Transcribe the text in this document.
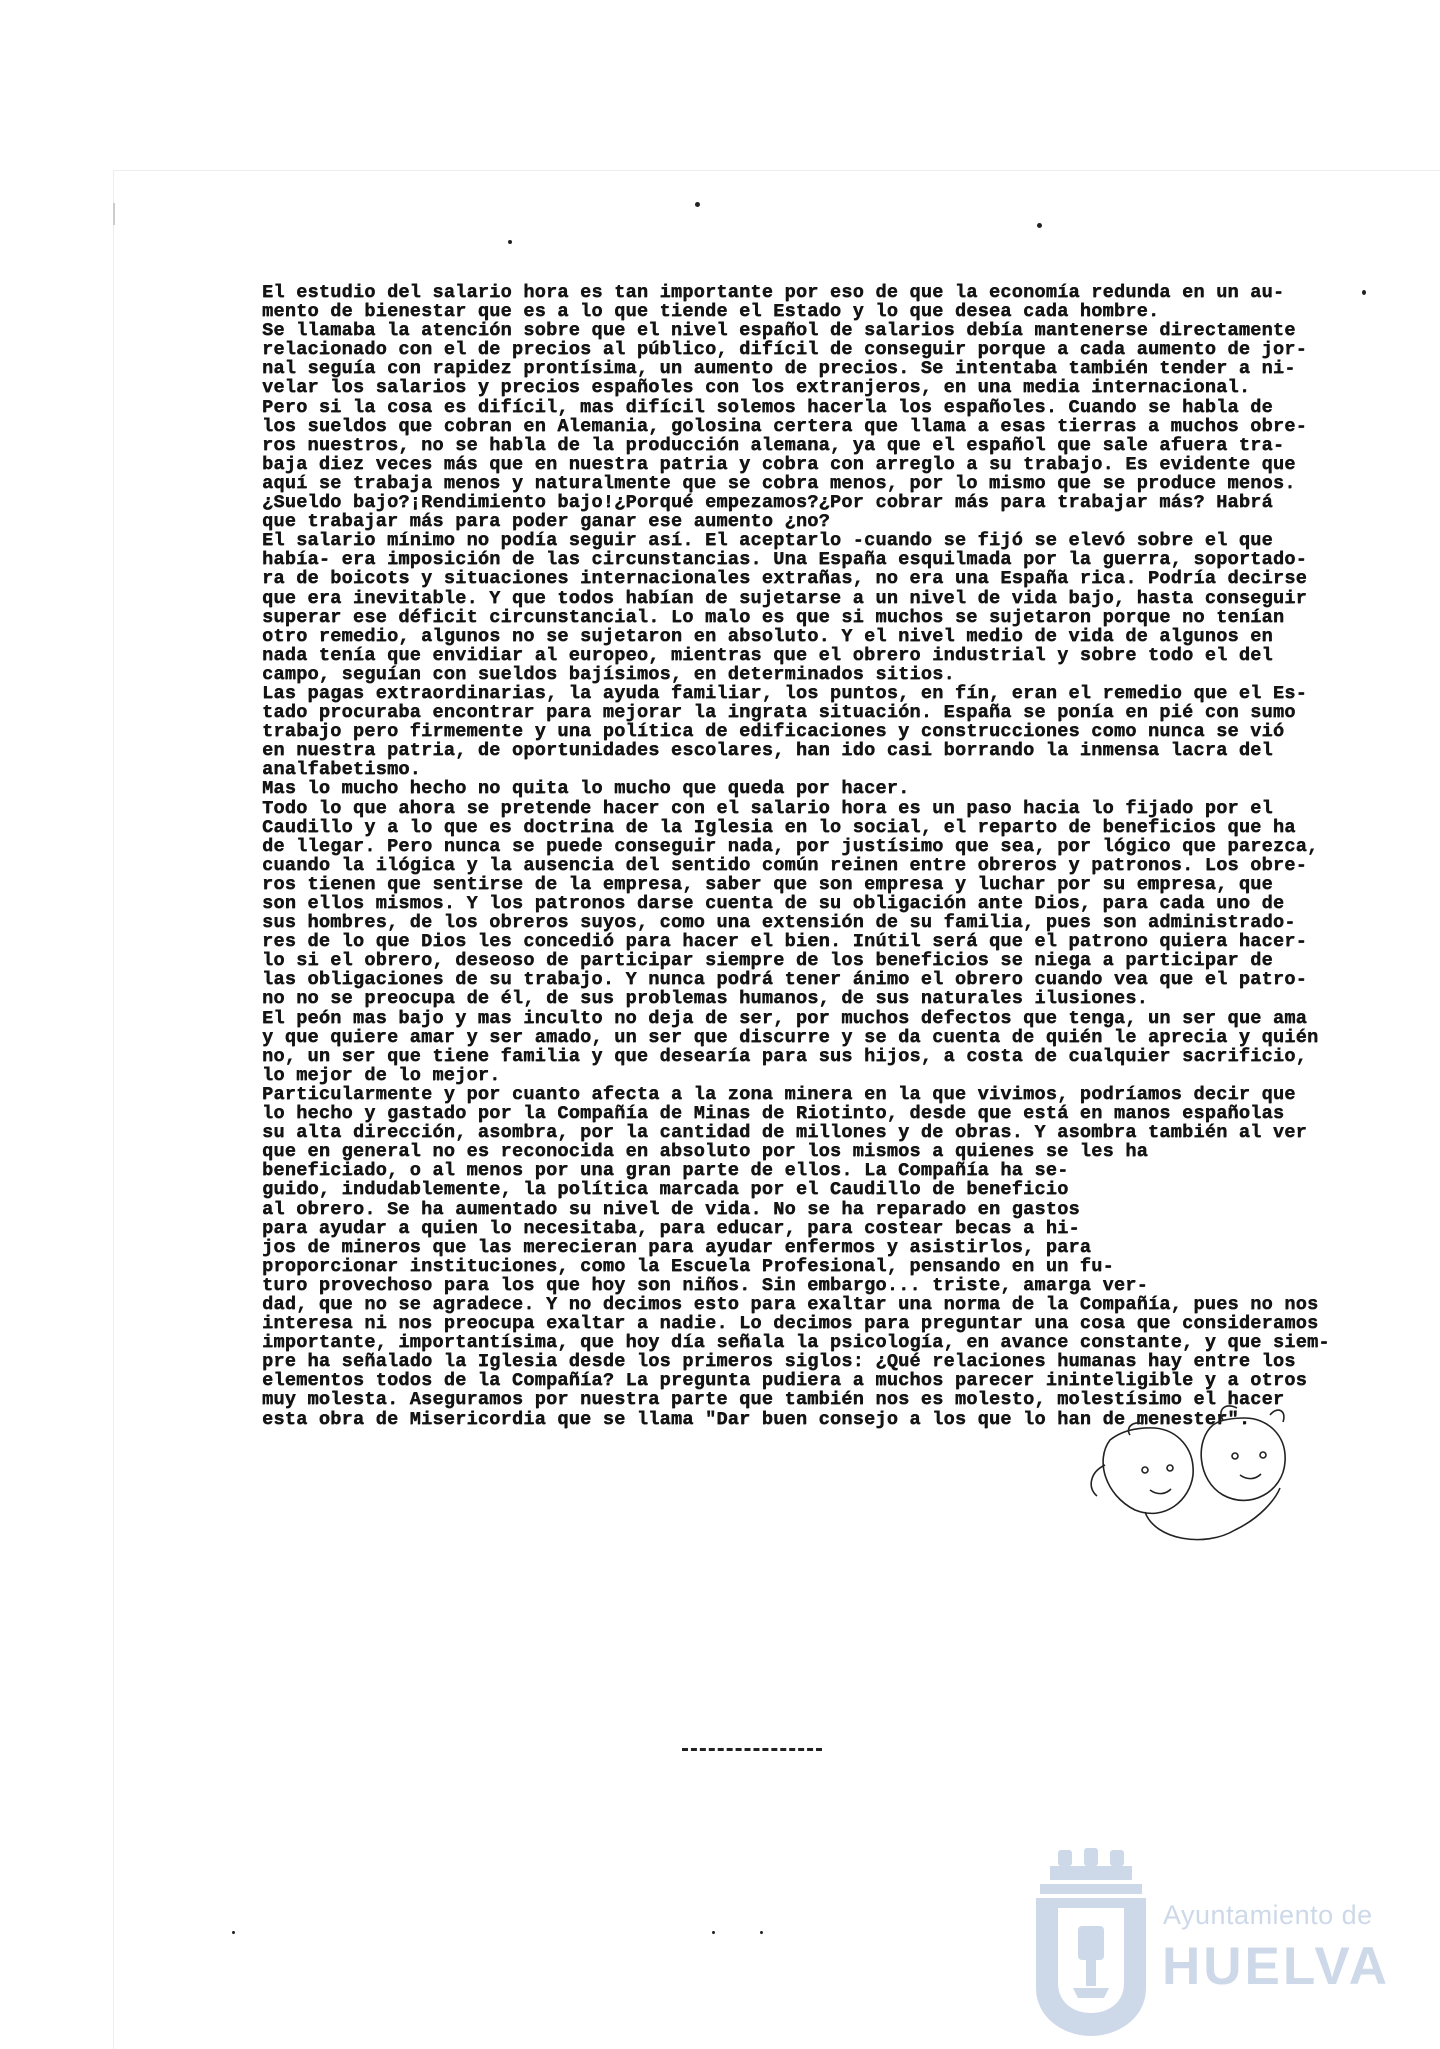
El estudio del salario hora es tan importante por eso de que la economía redunda en un au-
mento de bienestar que es a lo que tiende el Estado y lo que desea cada hombre.
Se llamaba la atención sobre que el nivel español de salarios debía mantenerse directamente
relacionado con el de precios al público, difícil de conseguir porque a cada aumento de jor-
nal seguía con rapidez prontísima, un aumento de precios. Se intentaba también tender a ni-
velar los salarios y precios españoles con los extranjeros, en una media internacional.
Pero si la cosa es difícil, mas difícil solemos hacerla los españoles. Cuando se habla de
los sueldos que cobran en Alemania, golosina certera que llama a esas tierras a muchos obre-
ros nuestros, no se habla de la producción alemana, ya que el español que sale afuera tra-
baja diez veces más que en nuestra patria y cobra con arreglo a su trabajo. Es evidente que
aquí se trabaja menos y naturalmente que se cobra menos, por lo mismo que se produce menos.
¿Sueldo bajo?¡Rendimiento bajo!¿Porqué empezamos?¿Por cobrar más para trabajar más? Habrá
que trabajar más para poder ganar ese aumento ¿no?
El salario mínimo no podía seguir así. El aceptarlo -cuando se fijó se elevó sobre el que
había- era imposición de las circunstancias. Una España esquilmada por la guerra, soportado-
ra de boicots y situaciones internacionales extrañas, no era una España rica. Podría decirse
que era inevitable. Y que todos habían de sujetarse a un nivel de vida bajo, hasta conseguir
superar ese déficit circunstancial. Lo malo es que si muchos se sujetaron porque no tenían
otro remedio, algunos no se sujetaron en absoluto. Y el nivel medio de vida de algunos en
nada tenía que envidiar al europeo, mientras que el obrero industrial y sobre todo el del
campo, seguían con sueldos bajísimos, en determinados sitios.
Las pagas extraordinarias, la ayuda familiar, los puntos, en fín, eran el remedio que el Es-
tado procuraba encontrar para mejorar la ingrata situación. España se ponía en pié con sumo
trabajo pero firmemente y una política de edificaciones y construcciones como nunca se vió
en nuestra patria, de oportunidades escolares, han ido casi borrando la inmensa lacra del
analfabetismo.
Mas lo mucho hecho no quita lo mucho que queda por hacer.
Todo lo que ahora se pretende hacer con el salario hora es un paso hacia lo fijado por el
Caudillo y a lo que es doctrina de la Iglesia en lo social, el reparto de beneficios que ha
de llegar. Pero nunca se puede conseguir nada, por justísimo que sea, por lógico que parezca,
cuando la ilógica y la ausencia del sentido común reinen entre obreros y patronos. Los obre-
ros tienen que sentirse de la empresa, saber que son empresa y luchar por su empresa, que
son ellos mismos. Y los patronos darse cuenta de su obligación ante Dios, para cada uno de
sus hombres, de los obreros suyos, como una extensión de su familia, pues son administrado-
res de lo que Dios les concedió para hacer el bien. Inútil será que el patrono quiera hacer-
lo si el obrero, deseoso de participar siempre de los beneficios se niega a participar de
las obligaciones de su trabajo. Y nunca podrá tener ánimo el obrero cuando vea que el patro-
no no se preocupa de él, de sus problemas humanos, de sus naturales ilusiones.
El peón mas bajo y mas inculto no deja de ser, por muchos defectos que tenga, un ser que ama
y que quiere amar y ser amado, un ser que discurre y se da cuenta de quién le aprecia y quién
no, un ser que tiene familia y que desearía para sus hijos, a costa de cualquier sacrificio,
lo mejor de lo mejor.
Particularmente y por cuanto afecta a la zona minera en la que vivimos, podríamos decir que
lo hecho y gastado por la Compañía de Minas de Riotinto, desde que está en manos españolas
su alta dirección, asombra, por la cantidad de millones y de obras. Y asombra también al ver
que en general no es reconocida en absoluto por los mismos a quienes se les ha
beneficiado, o al menos por una gran parte de ellos. La Compañía ha se-
guido, indudablemente, la política marcada por el Caudillo de beneficio
al obrero. Se ha aumentado su nivel de vida. No se ha reparado en gastos
para ayudar a quien lo necesitaba, para educar, para costear becas a hi-
jos de mineros que las merecieran para ayudar enfermos y asistirlos, para
proporcionar instituciones, como la Escuela Profesional, pensando en un fu-
turo provechoso para los que hoy son niños. Sin embargo... triste, amarga ver-
dad, que no se agradece. Y no decimos esto para exaltar una norma de la Compañía, pues no nos
interesa ni nos preocupa exaltar a nadie. Lo decimos para preguntar una cosa que consideramos
importante, importantísima, que hoy día señala la psicología, en avance constante, y que siem-
pre ha señalado la Iglesia desde los primeros siglos: ¿Qué relaciones humanas hay entre los
elementos todos de la Compañía? La pregunta pudiera a muchos parecer ininteligible y a otros
muy molesta. Aseguramos por nuestra parte que también nos es molesto, molestísimo el hacer
esta obra de Misericordia que se llama "Dar buen consejo a los que lo han de menester".
Ayuntamiento de
HUELVA
